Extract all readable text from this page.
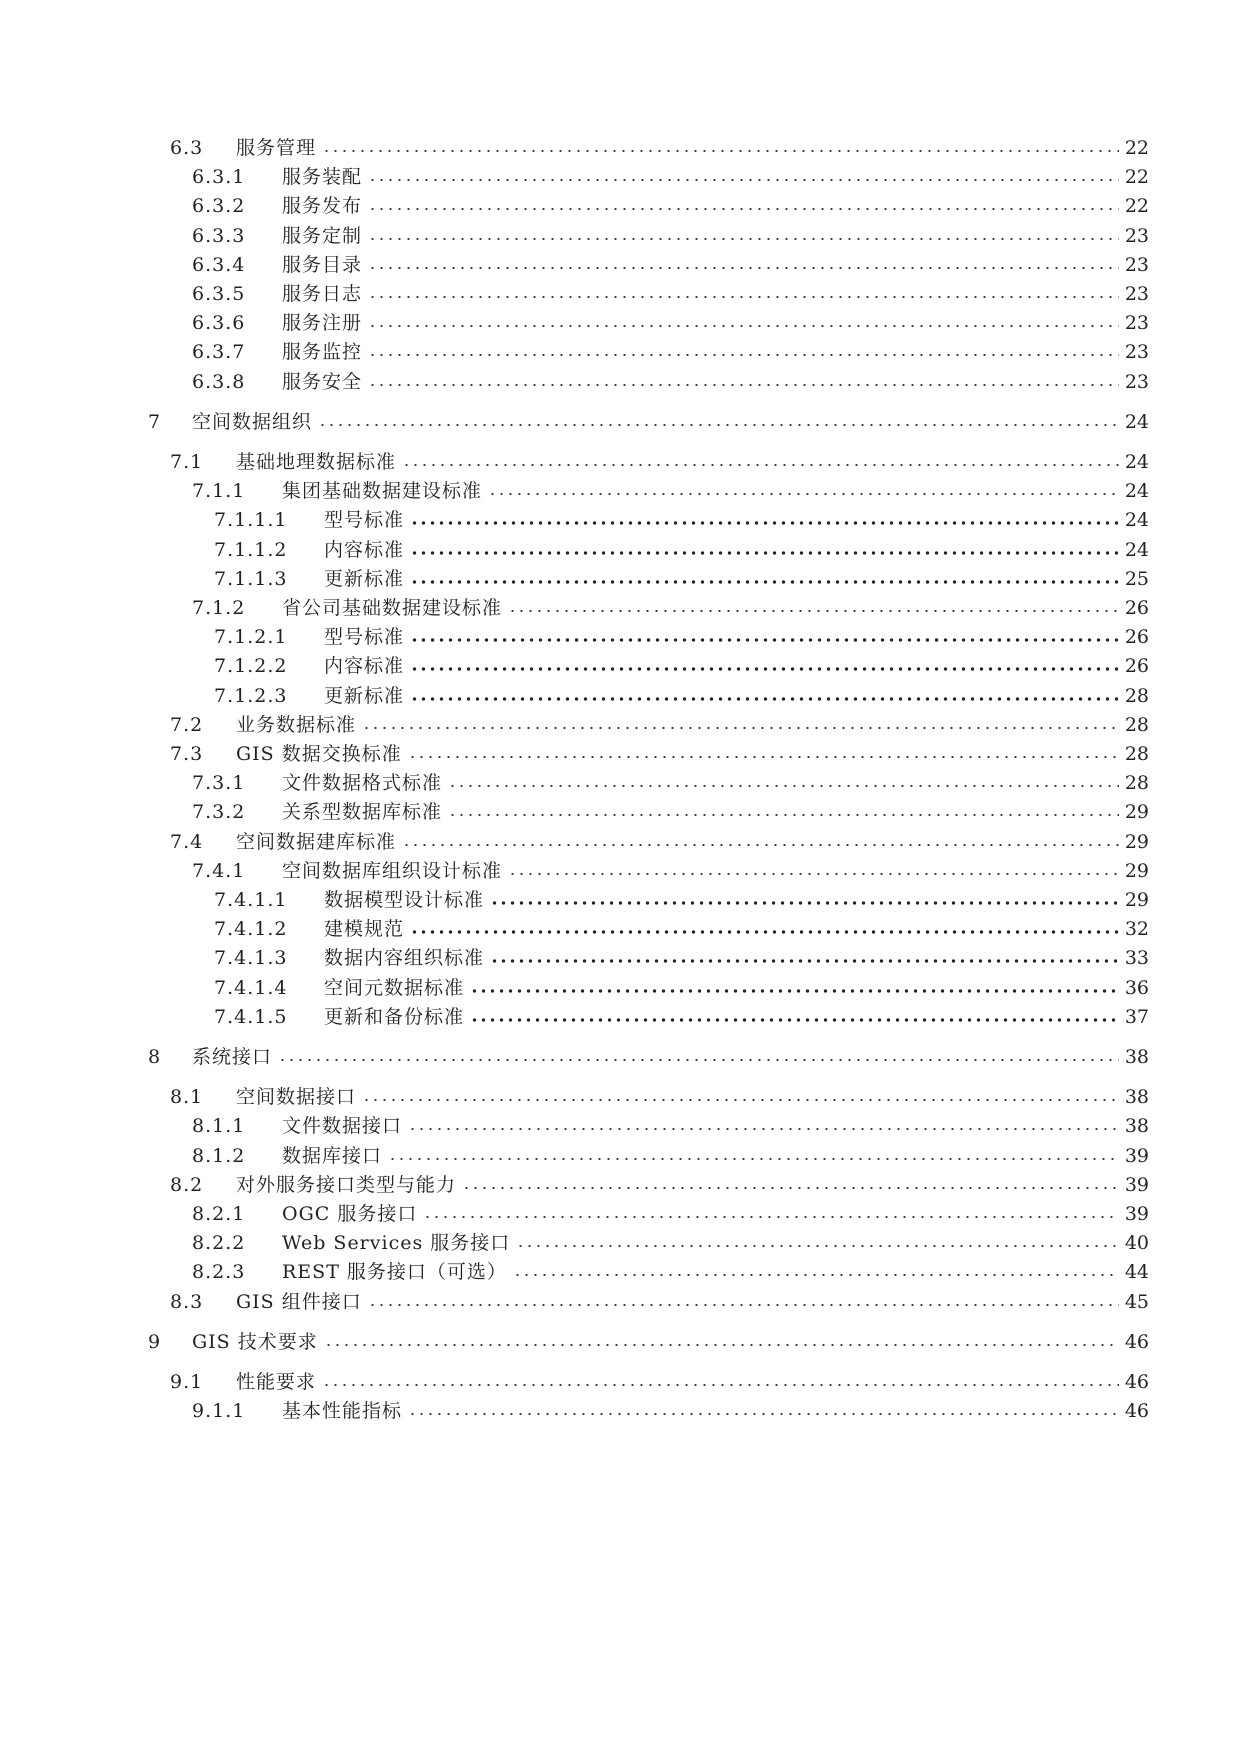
6.3	服务管理	22
6.3.1	服务装配	22
6.3.2	服务发布	22
6.3.3	服务定制	23
6.3.4	服务目录	23
6.3.5	服务日志	23
6.3.6	服务注册	23
6.3.7	服务监控	23
6.3.8	服务安全	23
7	空间数据组织	24
7.1	基础地理数据标准	24
7.1.1	集团基础数据建设标准	24
7.1.1.1	型号标准	24
7.1.1.2	内容标准	24
7.1.1.3	更新标准	25
7.1.2	省公司基础数据建设标准	26
7.1.2.1	型号标准	26
7.1.2.2	内容标准	26
7.1.2.3	更新标准	28
7.2	业务数据标准	28
7.3	GIS 数据交换标准	28
7.3.1	文件数据格式标准	28
7.3.2	关系型数据库标准	29
7.4	空间数据建库标准	29
7.4.1	空间数据库组织设计标准	29
7.4.1.1	数据模型设计标准	29
7.4.1.2	建模规范	32
7.4.1.3	数据内容组织标准	33
7.4.1.4	空间元数据标准	36
7.4.1.5	更新和备份标准	37
8	系统接口	38
8.1	空间数据接口	38
8.1.1	文件数据接口	38
8.1.2	数据库接口	39
8.2	对外服务接口类型与能力	39
8.2.1	OGC 服务接口	39
8.2.2	Web Services 服务接口	40
8.2.3	REST 服务接口（可选）	44
8.3	GIS 组件接口	45
9	GIS 技术要求	46
9.1	性能要求	46
9.1.1	基本性能指标	46
